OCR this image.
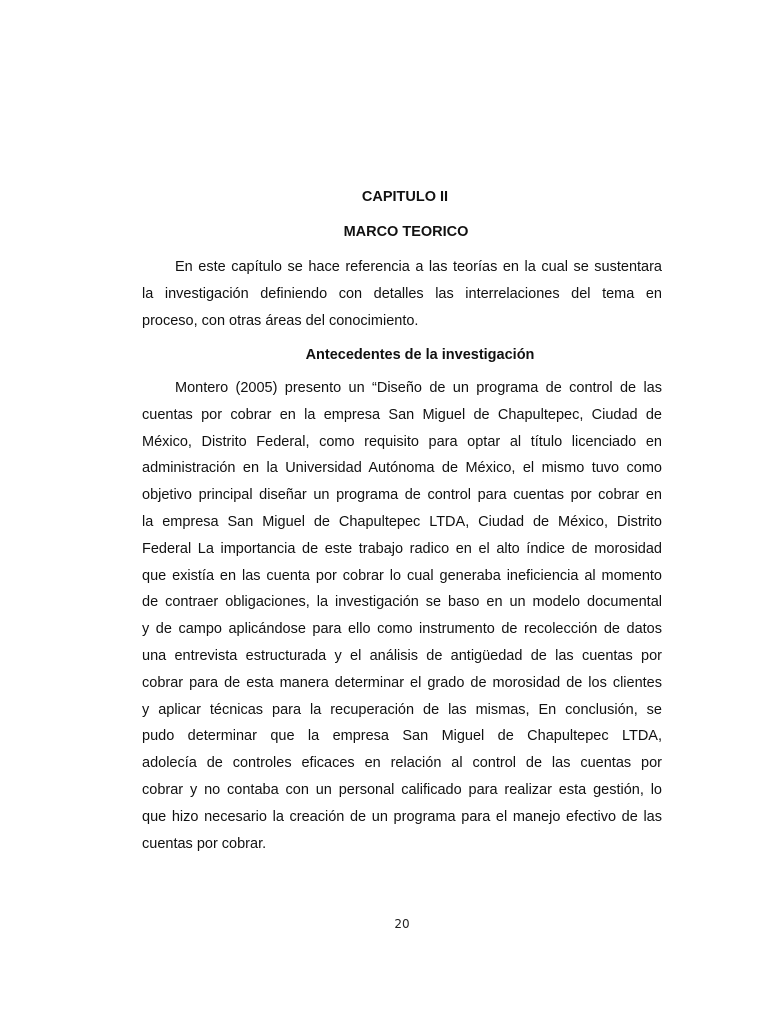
CAPITULO II
MARCO TEORICO
En este capítulo se hace referencia a las teorías en la cual se sustentara
la investigación definiendo con detalles las interrelaciones del tema en
proceso, con otras áreas del conocimiento.
Antecedentes de la investigación
Montero (2005) presento un “Diseño de un programa de control de las
cuentas por cobrar en la empresa San Miguel de Chapultepec, Ciudad de
México, Distrito Federal, como requisito para optar al título licenciado en
administración en la Universidad Autónoma de México, el mismo tuvo como
objetivo principal diseñar un programa de control para cuentas por cobrar en
la empresa San Miguel de Chapultepec LTDA, Ciudad de México, Distrito
Federal La importancia de este trabajo radico en el alto índice de morosidad
que existía en las cuenta por cobrar lo cual generaba ineficiencia al momento
de contraer obligaciones, la investigación se baso en un modelo documental
y de campo aplicándose para ello como instrumento de recolección de datos
una entrevista estructurada y el análisis de antigüedad de las cuentas por
cobrar para de esta manera determinar el grado de morosidad de los clientes
y aplicar técnicas para la recuperación de las mismas, En conclusión, se
pudo determinar que la empresa San Miguel de Chapultepec LTDA,
adolecía de controles eficaces en relación al control de las cuentas por
cobrar y no contaba con un personal calificado para realizar esta gestión, lo
que hizo necesario la creación de un programa para el manejo efectivo de las
cuentas por cobrar.
20
